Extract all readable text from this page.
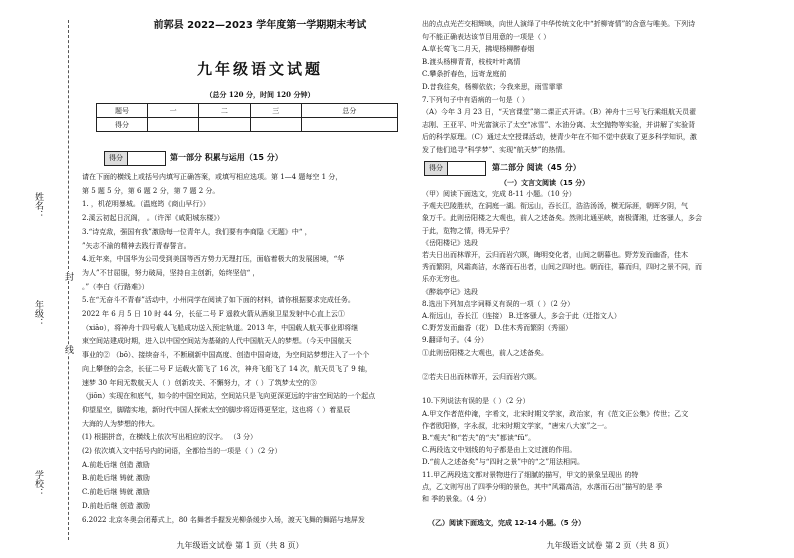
姓名：
年级：
学校：
封
线
前郭县 2022—2023 学年度第一学期期末考试
九年级语文试题
（总分 120 分，时间 120 分钟）
题号	一	二	三	总分
得分				
得分	第一部分 积累与运用（15 分）
请在下面的横线上或括号内填写正确答案，或填写相应选项。第 1—4 题每空 1 分，
第 5 题 5 分，第 6 题 2 分，第 7 题 2 分。
1. ，机花明暴城。（温庭筠《商山早行》）
2.溪云初起日沉阁， 。（许浑《咸阳城东楼》）
3.“诗克敌，强国有我”激励每一位青年人，我们要有李商隐《无题》中“ ，
”矢志不渝的精神去践行青春誓言。
4.近年来，中国华为公司受到美国等西方势力无理打压，面临着极大的发展困境，“华
为人”不甘屈服，努力破局，坚持自主创新，始终坚信“ ，
。”（李白《行路难》）
5.在“无奋斗不青春”活动中，小州同学在阅读了如下面的材料，请你根据要求完成任务。
2022 年 6 月 5 日 10 时 44 分，长征二号 F 遥救火箭从酒泉卫星发射中心直上云①
（xiāo），将神舟十四号载人飞船成功送入预定轨道。2013 年，中国载人航天事业即将继
束空间站建成时期，进入以中国空间站为基础的人代中国航天人的梦想。（今天中国航天
事业的② （bō）、接续奋斗，不断刷新中国高度、创造中国奇迹，为空间站梦想注入了一个个
向上攀登的会念，长征二号 F 运载火箭飞了 16 次，神舟飞船飞了 14 次，航天员飞了 9 轴，
速梦 30 年间无数航天人（ ）创新攻关、不懈努力，才（ ）了筑梦太空的③
（jiōn）实现在和底气，如今的中国空间站，空间站只是飞向更深更远的宇宙空间站的一个起点
仰望星空，脚踏实地，新时代中国人探索太空的脚步将迈得更坚定，这也将（ ）着星辰
大海的人为梦想的伟大。
(1) 根据拼音，在横线上依次写出相应的汉字。 （3 分）
(2) 依次填入文中括号内的词语，全都恰当的一项是（ ）（2 分）
A.前赴后继 创造 激励
B.前赴后继 铸就 激励
C.前赴后继 铸就 激励
D.前赴后继 创造 激励
6.2022 北京冬奥会闭幕式上，80 名舞者手握发光柳条缓步入场，渡天飞舞的舞蹈与地屏发
九年级语文试卷 第 1 页（共 8 页）
出的点点光芒交相辉映，向世人演绎了中华传统文化中“折柳寄情”的含意与唯美。下列诗
句不能正确表达该节目用意的一项是（ ）
A.草长莺飞二月天，拂堤杨柳醉春烟
B.渡头杨柳青青，枝枝叶叶离情
C.攀条折春色，远寄龙庭前
D.昔我往矣，杨柳依依；今我来思，雨雪霏霏
7.下列句子中有语病的一句是（ ）
（A）今年 3 月 23 日，“天宫课堂”第二课正式开讲。（B）神舟十三号飞行乘组航天员翟
志刚、王亚平、叶光富演示了太空“冰雪”、水油分离、太空抛物等实验，并讲解了实验背
后的科学原理。（C）通过太空授课活动，使青少年在不知不觉中获取了更多科学知识，激
发了他们追寻“科学梦”、实现“航天梦”的热情。
得分	第二部分 阅读（45 分）
（一）文言文阅读（15 分）
（甲）阅读下面选文，完成 8-11 小题。（10 分）
予观夫巴陵胜状，在洞庭一湖。衔远山，吞长江，浩浩汤汤，横无际涯，朝晖夕阴，气
象万千。此则岳阳楼之大观也，前人之述备矣。然则北通巫峡，南极潇湘，迁客骚人，多会
于此，览物之情，得无异乎？
《岳阳楼记》选段
若夫日出而林霏开，云归而岩穴暝，晦明变化者，山间之朝暮也。野芳发而幽香，佳木
秀而繁阴，风霜高洁，水落而石出者，山间之四时也。朝而往，暮而归，四时之景不同，而
乐亦无穷也。
《醉翁亭记》选段
8.选出下列加点字词释义有误的一项（ ）（2 分）
A.衔远山，吞长江（连接） B.迁客骚人，多会于此（迁指文人）
C.野芳发而幽香（花） D.佳木秀而繁阴（秀丽）
9.翻译句子。（4 分）
①此则岳阳楼之大观也，前人之述备矣。
②若夫日出而林霏开，云归而岩穴暝。
10.下列说法有误的是（ ）（2 分）
A.甲文作者范仲淹，字希文，北宋时期文学家，政治家，有《范文正公集》传世；乙文
作者欧阳修，字永叔，北宋时期文学家，“唐宋八大家”之一。
B.“观夫”和“若夫”的“夫”都读“fū”。
C.两段选文中划线的句子都是由上文过渡的作用。
D.“前人之述备矣”与“四时之景”中的“之”用法相同。
11.甲乙两段选文都对景物进行了细腻的描写，甲文的景象呈现出 的特
点，乙文则写出了四季分明的景色，其中“风霜高洁，水落而石出”描写的是 季
和 季的景象。（4 分）
（乙）阅读下面选文，完成 12-14 小题。（5 分）
九年级语文试卷 第 2 页（共 8 页）
